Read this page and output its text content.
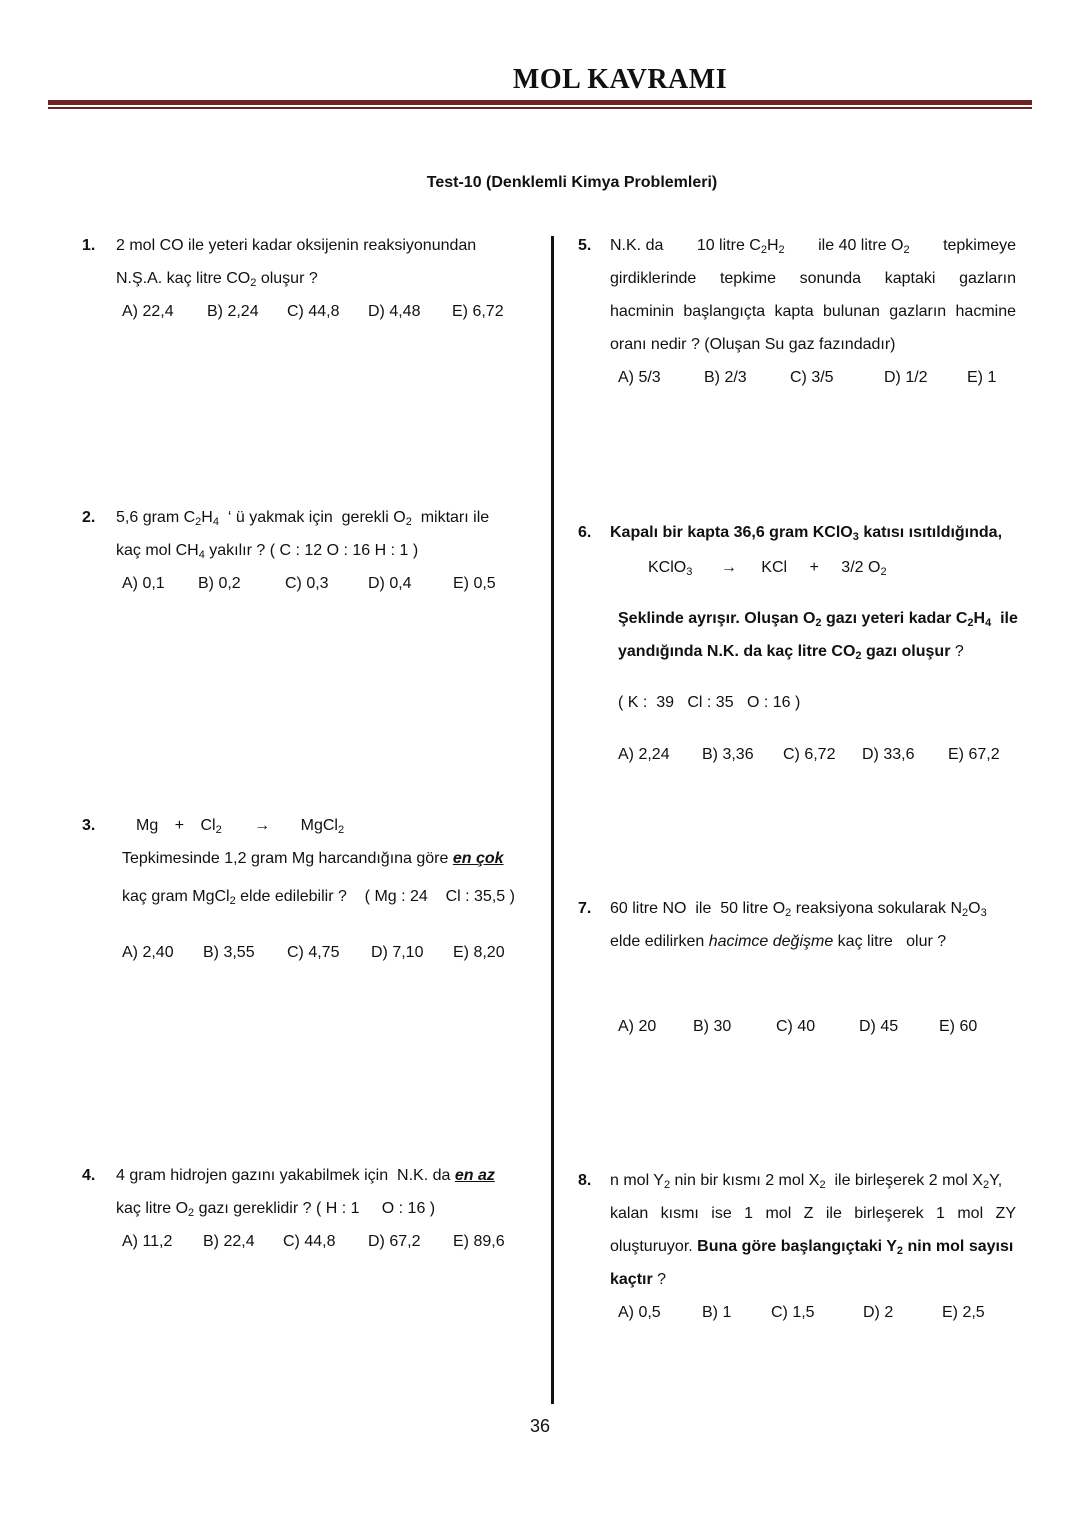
MOL KAVRAMI
Test-10 (Denklemli Kimya Problemleri)
1. 2 mol CO ile yeteri kadar oksijenin reaksiyonundan
N.Ş.A. kaç litre $CO_2$ oluşur ?
A) 22,4 B) 2,24 C) 44,8 D) 4,48 E) 6,72
2. 5,6 gram $C_2H_4$  ‘ ü yakmak için  gerekli $O_2$  miktarı ile
kaç mol $CH_4$ yakılır ? ( C : 12 O : 16 H : 1 )
A) 0,1 B) 0,2	C) 0,3 D) 0,4	E) 0,5
3.	$Mg + Cl_2$ → MgCl$_2$
Tepkimesinde 1,2 gram Mg harcandığına göre en çok
kaç gram MgCl$_2$ elde edilebilir ?    ( Mg : 24    Cl : 35,5 )
A) 2,40 B) 3,55 C) 4,75 D) 7,10 E) 8,20
4. 4 gram hidrojen gazını yakabilmek için  N.K. da en az
kaç litre $O_2$ gazı gereklidir ? ( H : 1     O : 16 )
A) 11,2 B) 22,4 C) 44,8 D) 67,2 E) 89,6
5. N.K. da 10 litre $C_2H_2$ ile 40 litre $O_2$ tepkimeye
girdiklerinde tepkime sonunda kaptaki gazların
hacminin başlangıçta kapta bulunan gazların hacmine
oranı nedir ? (Oluşan Su gaz fazındadır)
A) 5/3	B) 2/3	C) 3/5	D) 1/2 E) 1
6. Kapalı bir kapta 36,6 gram KClO$_3$ katısı ısıtıldığında,
KClO$_3$ → KCl + 3/2 $O_2$
Şeklinde ayrışır. Oluşan $O_2$ gazı yeteri kadar $C_2H_4$  ile
yandığında N.K. da kaç litre $CO_2$ gazı oluşur ?
( K :  39   Cl : 35   O : 16 )
A) 2,24 B) 3,36 C) 6,72 D) 33,6 E) 67,2
7. 60 litre NO  ile  50 litre $O_2$ reaksiyona sokularak $N_2O_3$
elde edilirken hacimce değişme kaç litre   olur ?
A) 20 B) 30	C) 40	D) 45	E) 60
8. n mol $Y_2$ nin bir kısmı 2 mol $X_2$  ile birleşerek 2 mol $X_2Y$,
kalan kısmı ise 1 mol Z ile birleşerek 1 mol ZY
oluşturuyor. Buna göre başlangıçtaki $Y_2$ nin mol sayısı
kaçtır ?
A) 0,5	B) 1 C) 1,5	D) 2	E) 2,5
36
